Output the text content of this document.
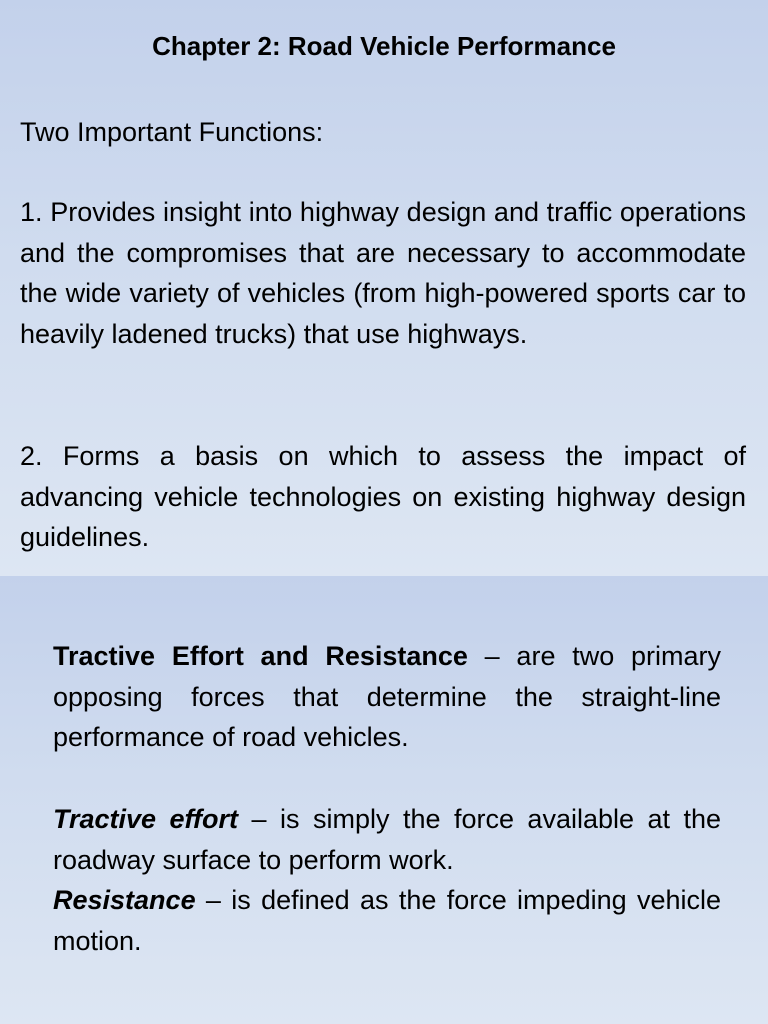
Chapter 2: Road Vehicle Performance
Two Important Functions:
1. Provides insight into highway design and traffic operations and the compromises that are necessary to accommodate the wide variety of vehicles (from high-powered sports car to heavily ladened trucks) that use highways.
2. Forms a basis on which to assess the impact of advancing vehicle technologies on existing highway design guidelines.
Tractive Effort and Resistance – are two primary opposing forces that determine the straight-line performance of road vehicles.
Tractive effort – is simply the force available at the roadway surface to perform work.
Resistance – is defined as the force impeding vehicle motion.
